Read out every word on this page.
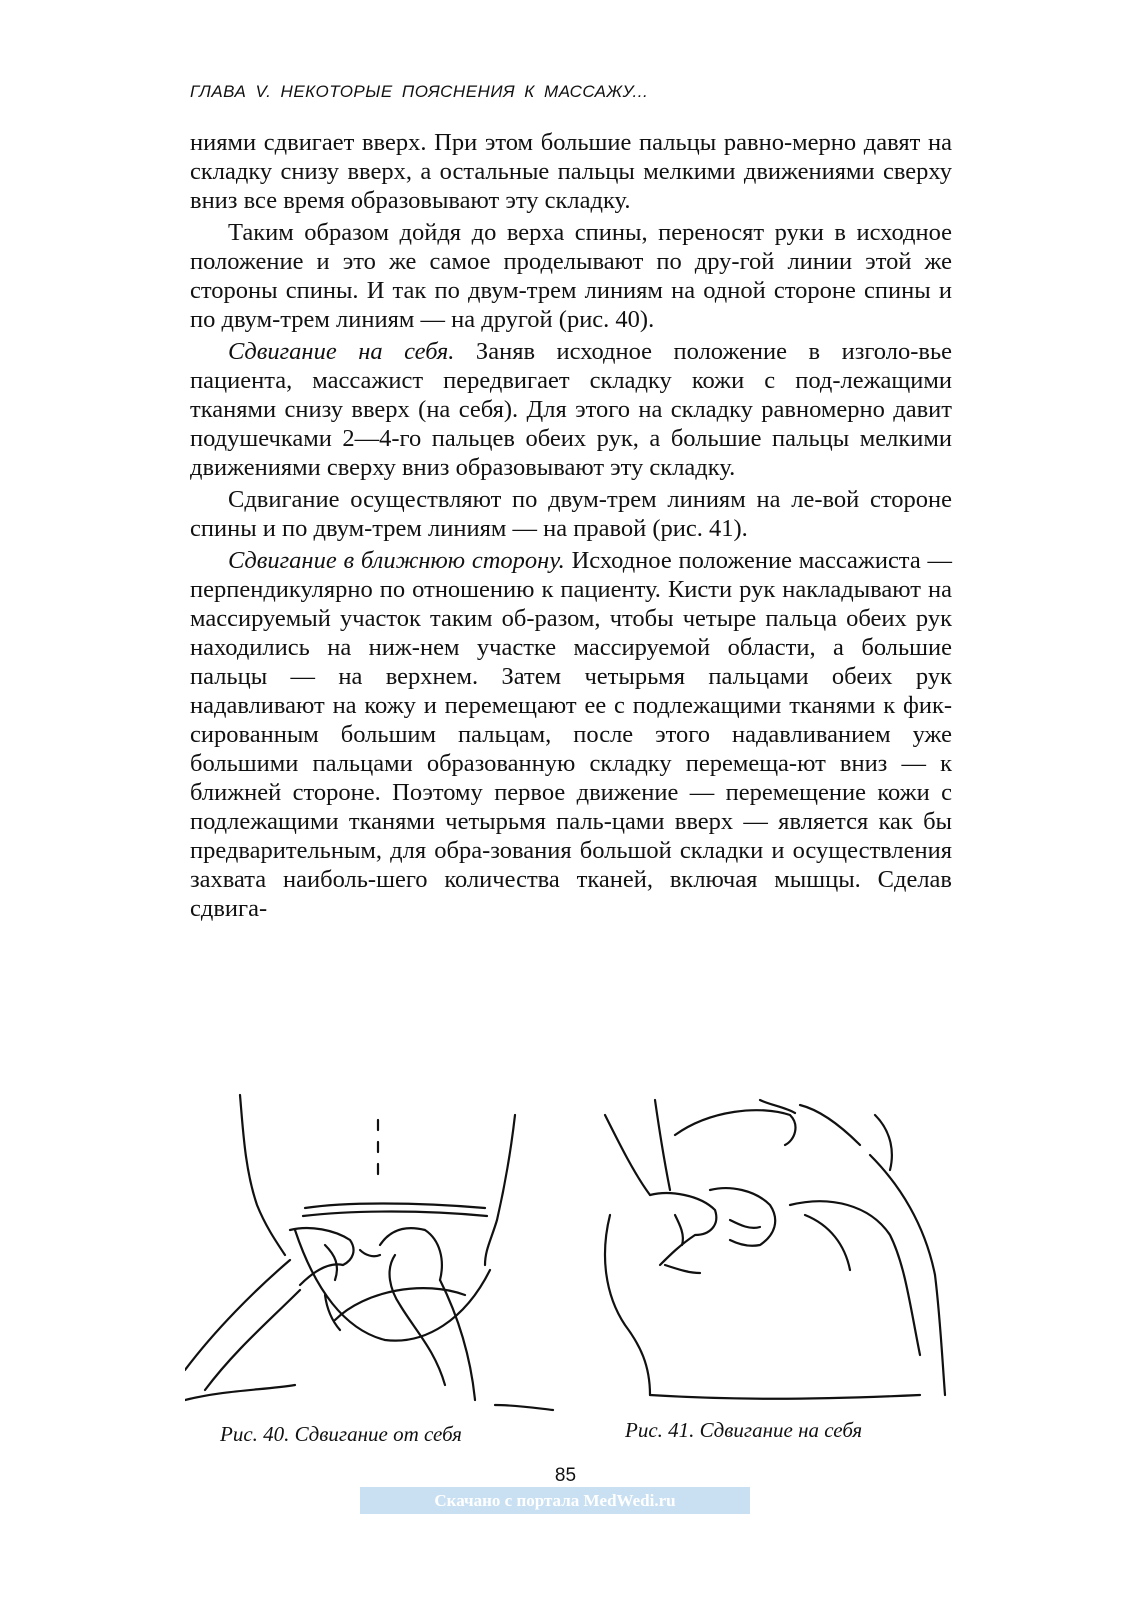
ГЛАВА V. НЕКОТОРЫЕ ПОЯСНЕНИЯ К МАССАЖУ...

ниями сдвигает вверх. При этом большие пальцы равно-мерно давят на складку снизу вверх, а остальные пальцы мелкими движениями сверху вниз все время образовывают эту складку.

Таким образом дойдя до верха спины, переносят руки в исходное положение и это же самое проделывают по дру-гой линии этой же стороны спины. И так по двум-трем линиям на одной стороне спины и по двум-трем линиям — на другой (рис. 40).

Сдвигание на себя. Заняв исходное положение в изголо-вье пациента, массажист передвигает складку кожи с под-лежащими тканями снизу вверх (на себя). Для этого на складку равномерно давит подушечками 2—4-го пальцев обеих рук, а большие пальцы мелкими движениями сверху вниз образовывают эту складку.

Сдвигание осуществляют по двум-трем линиям на ле-вой стороне спины и по двум-трем линиям — на правой (рис. 41).

Сдвигание в ближнюю сторону. Исходное положение массажиста — перпендикулярно по отношению к пациенту. Кисти рук накладывают на массируемый участок таким об-разом, чтобы четыре пальца обеих рук находились на ниж-нем участке массируемой области, а большие пальцы — на верхнем. Затем четырьмя пальцами обеих рук надавливают на кожу и перемещают ее с подлежащими тканями к фик-сированным большим пальцам, после этого надавливанием уже большими пальцами образованную складку перемеща-ют вниз — к ближней стороне. Поэтому первое движение — перемещение кожи с подлежащими тканями четырьмя паль-цами вверх — является как бы предварительным, для обра-зования большой складки и осуществления захвата наиболь-шего количества тканей, включая мышцы. Сделав сдвига-

Рис. 40. Сдвигание от себя	Рис. 41. Сдвигание на себя
85
Скачано с портала MedWedi.ru
